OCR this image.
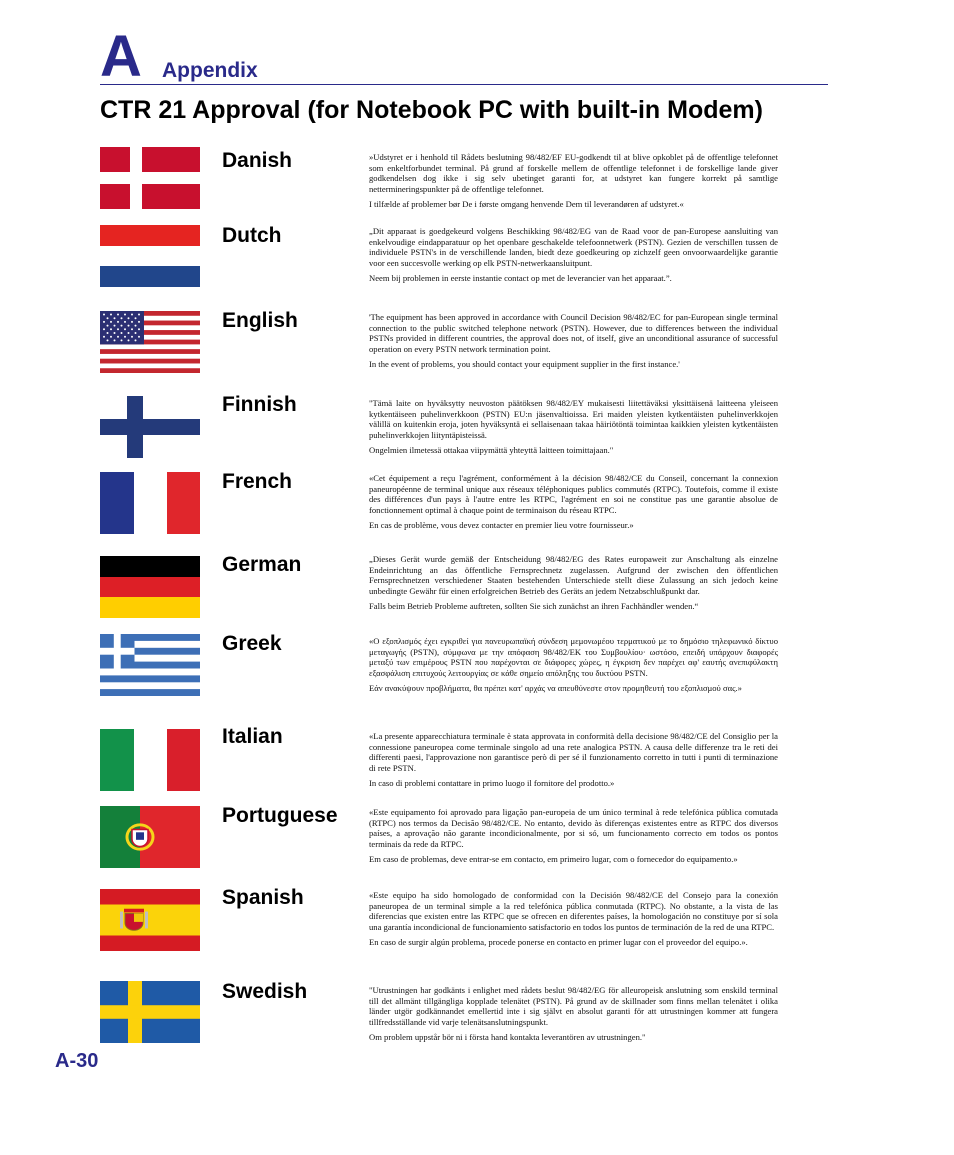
A Appendix
CTR 21 Approval (for Notebook PC with built-in Modem)
Danish	»Udstyret er i henhold til Rådets beslutning 98/482/EF EU-godkendt til at blive opkoblet på de offentlige telefonnet som enkeltforbundet terminal. På grund af forskelle mellem de offentlige telefonnet i de forskellige lande giver godkendelsen dog ikke i sig selv ubetinget garanti for, at udstyret kan fungere korrekt på samtlige nettermineringspunkter på de offentlige telefonnet.

I tilfælde af problemer bør De i første omgang henvende Dem til leverandøren af udstyret.«

Dutch	„Dit apparaat is goedgekeurd volgens Beschikking 98/482/EG van de Raad voor de pan-Europese aansluiting van enkelvoudige eindapparatuur op het openbare geschakelde telefoonnetwerk (PSTN). Gezien de verschillen tussen de individuele PSTN's in de verschillende landen, biedt deze goedkeuring op zichzelf geen onvoorwaardelijke garantie voor een succesvolle werking op elk PSTN-netwerkaansluitpunt.

Neem bij problemen in eerste instantie contact op met de leverancier van het apparaat.”.

English	'The equipment has been approved in accordance with Council Decision 98/482/EC for pan-European single terminal connection to the public switched telephone network (PSTN). However, due to differences between the individual PSTNs provided in different countries, the approval does not, of itself, give an unconditional assurance of successful operation on every PSTN network termination point.

In the event of problems, you should contact your equipment supplier in the first instance.'

Finnish	"Tämä laite on hyväksytty neuvoston päätöksen 98/482/EY mukaisesti liitettäväksi yksittäisenä laitteena yleiseen kytkentäiseen puhelinverkkoon (PSTN) EU:n jäsenvaltioissa. Eri maiden yleisten kytkentäisten puhelinverkkojen välillä on kuitenkin eroja, joten hyväksyntä ei sellaisenaan takaa häiriötöntä toimintaa kaikkien yleisten kytkentäisten puhelinverkkojen liityntäpisteissä.

Ongelmien ilmetessä ottakaa viipymättä yhteyttä laitteen toimittajaan."

French	«Cet équipement a reçu l'agrément, conformément à la décision 98/482/CE du Conseil, concernant la connexion paneuropéenne de terminal unique aux réseaux téléphoniques publics commutés (RTPC). Toutefois, comme il existe des différences d'un pays à l'autre entre les RTPC, l'agrément en soi ne constitue pas une garantie absolue de fonctionnement optimal à chaque point de terminaison du réseau RTPC.

En cas de problème, vous devez contacter en premier lieu votre fournisseur.»

German	„Dieses Gerät wurde gemäß der Entscheidung 98/482/EG des Rates europaweit zur Anschaltung als einzelne Endeinrichtung an das öffentliche Fernsprechnetz zugelassen. Aufgrund der zwischen den öffentlichen Fernsprechnetzen verschiedener Staaten bestehenden Unterschiede stellt diese Zulassung an sich jedoch keine unbedingte Gewähr für einen erfolgreichen Betrieb des Geräts an jedem Netzabschlußpunkt dar.

Falls beim Betrieb Probleme auftreten, sollten Sie sich zunächst an ihren Fachhändler wenden.“

Greek	«Ο εξοπλισμός έχει εγκριθεί για πανευρωπαϊκή σύνδεση μεμονωμέου τερματικού με το δημόσιο τηλεφωνικό δίκτυο μεταγωγής (PSTN), σύμφωνα με την απόφαση 98/482/ΕΚ του Συμβουλίου· ωστόσο, επειδή υπάρχουν διαφορές μεταξύ των επιμέρους PSTN που παρέχονται σε διάφορες χώρες, η έγκριση δεν παρέχει αφ' εαυτής ανεπιφύλακτη εξασφάλιση επιτυχούς λειτουργίας σε κάθε σημείο απόληξης του δικτύου PSTN.

Εάν ανακύψουν προβλήματα, θα πρέπει κατ' αρχάς να απευθύνεστε στον προμηθευτή του εξοπλισμού σας.»

Italian	«La presente apparecchiatura terminale è stata approvata in conformità della decisione 98/482/CE del Consiglio per la connessione paneuropea come terminale singolo ad una rete analogica PSTN. A causa delle differenze tra le reti dei differenti paesi, l'approvazione non garantisce però di per sé il funzionamento corretto in tutti i punti di terminazione di rete PSTN.

In caso di problemi contattare in primo luogo il fornitore del prodotto.»

Portuguese	«Este equipamento foi aprovado para ligação pan-europeia de um único terminal à rede telefónica pública comutada (RTPC) nos termos da Decisão 98/482/CE. No entanto, devido às diferenças existentes entre as RTPC dos diversos países, a aprovação não garante incondicionalmente, por si só, um funcionamento correcto em todos os pontos terminais da rede da RTPC.

Em caso de problemas, deve entrar-se em contacto, em primeiro lugar, com o fornecedor do equipamento.»

Spanish	«Este equipo ha sido homologado de conformidad con la Decisión 98/482/CE del Consejo para la conexión paneuropea de un terminal simple a la red telefónica pública conmutada (RTPC). No obstante, a la vista de las diferencias que existen entre las RTPC que se ofrecen en diferentes países, la homologación no constituye por sí sola una garantía incondicional de funcionamiento satisfactorio en todos los puntos de terminación de la red de una RTPC.

En caso de surgir algún problema, procede ponerse en contacto en primer lugar con el proveedor del equipo.».

Swedish	"Utrustningen har godkänts i enlighet med rådets beslut 98/482/EG för alleuropeisk anslutning som enskild terminal till det allmänt tillgängliga kopplade telenätet (PSTN). På grund av de skillnader som finns mellan telenätet i olika länder utgör godkännandet emellertid inte i sig självt en absolut garanti för att utrustningen kommer att fungera tillfredsställande vid varje telenätsanslutningspunkt.

Om problem uppstår bör ni i första hand kontakta leverantören av utrustningen."

A-30
